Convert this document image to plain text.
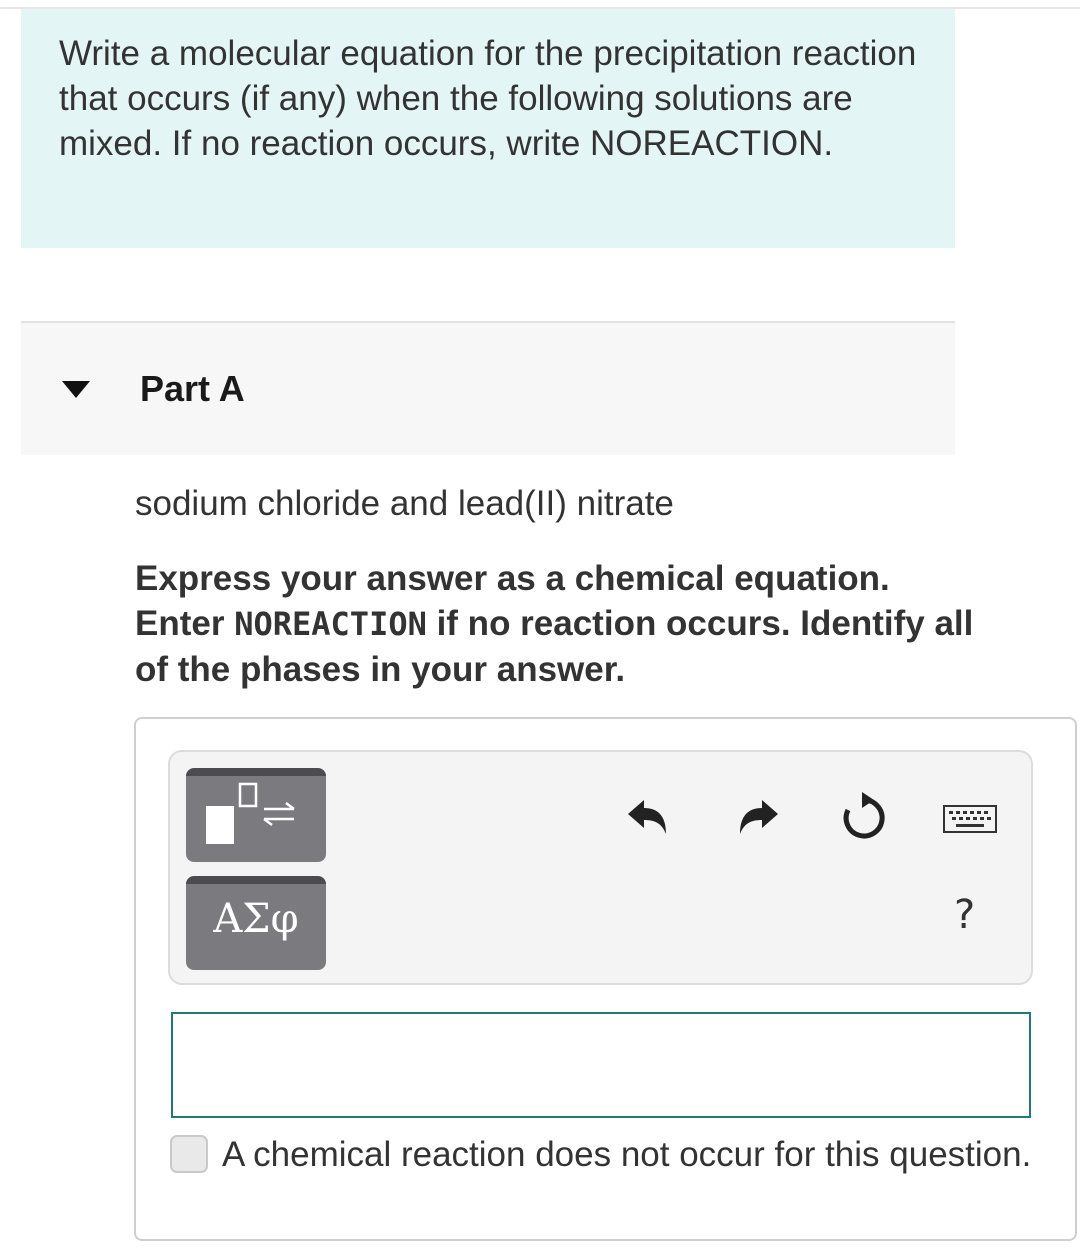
Write a molecular equation for the precipitation reaction that occurs (if any) when the following solutions are mixed. If no reaction occurs, write NOREACTION.
Part A
sodium chloride and lead(II) nitrate
Express your answer as a chemical equation. Enter NOREACTION if no reaction occurs. Identify all of the phases in your answer.
ΑΣφ	?
A chemical reaction does not occur for this question.
